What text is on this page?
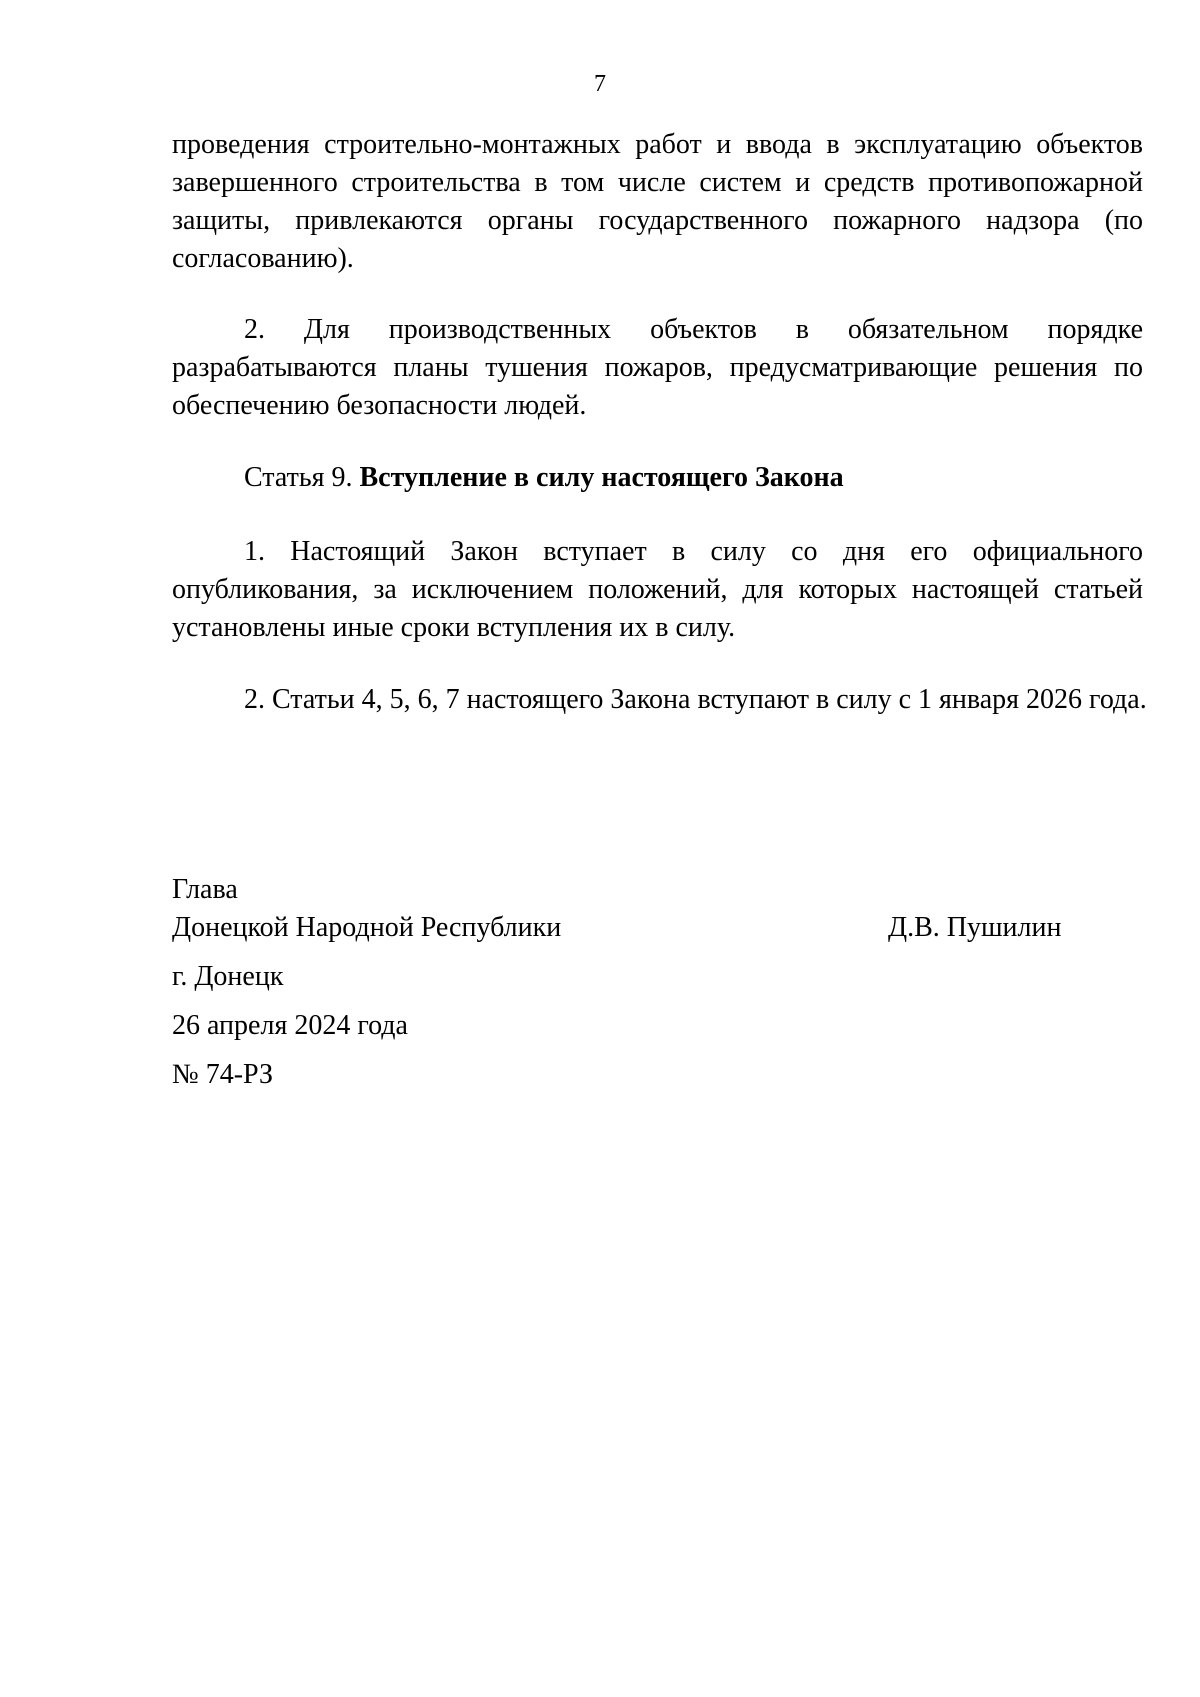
7
проведения строительно-монтажных работ и ввода в эксплуатацию объектов завершенного строительства в том числе систем и средств противопожарной защиты, привлекаются органы государственного пожарного надзора (по согласованию).
2. Для производственных объектов в обязательном порядке разрабатываются планы тушения пожаров, предусматривающие решения по обеспечению безопасности людей.
Статья 9. Вступление в силу настоящего Закона
1. Настоящий Закон вступает в силу со дня его официального опубликования, за исключением положений, для которых настоящей статьей установлены иные сроки вступления их в силу.
2. Статьи 4, 5, 6, 7 настоящего Закона вступают в силу с 1 января 2026 года.
Глава
Донецкой Народной Республики	Д.В. Пушилин
г. Донецк
26 апреля 2024 года
№ 74-РЗ
